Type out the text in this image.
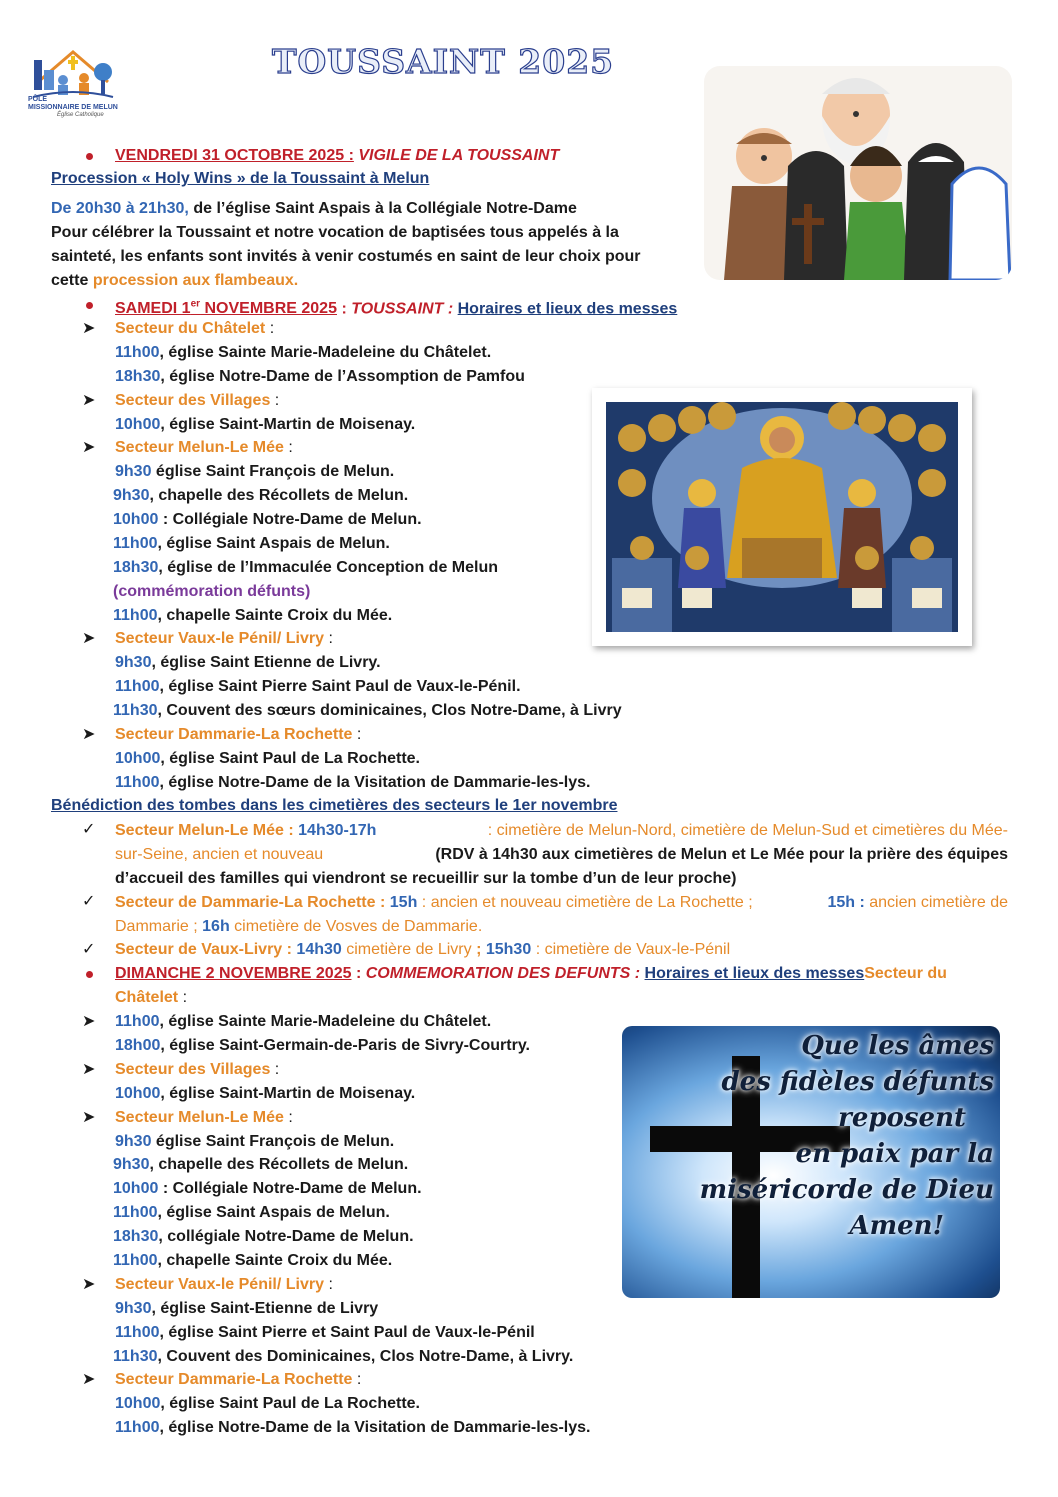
PÔLE
MISSIONNAIRE DE MELUN
Église Catholique
TOUSSAINT 2025
VENDREDI 31 OCTOBRE 2025 : VIGILE DE LA TOUSSAINT
Procession « Holy Wins » de la Toussaint à Melun
De 20h30 à 21h30, de l’église Saint Aspais à la Collégiale Notre-Dame
Pour célébrer la Toussaint et notre vocation de baptisées tous appelés à la
sainteté, les enfants sont invités à venir costumés en saint de leur choix pour
cette procession aux flambeaux.
SAMEDI 1er NOVEMBRE 2025 : TOUSSAINT : Horaires et lieux des messes
➤ Secteur du Châtelet :
11h00, église Sainte Marie-Madeleine du Châtelet.
18h30, église Notre-Dame de l’Assomption de Pamfou
➤ Secteur des Villages :
10h00, église Saint-Martin de Moisenay.
➤ Secteur Melun-Le Mée :
9h30 église Saint François de Melun.
9h30, chapelle des Récollets de Melun.
10h00 : Collégiale Notre-Dame de Melun.
11h00, église Saint Aspais de Melun.
18h30, église de l’Immaculée Conception de Melun
(commémoration défunts)
11h00, chapelle Sainte Croix du Mée.
➤ Secteur Vaux-le Pénil/ Livry :
9h30, église Saint Etienne de Livry.
11h00, église Saint Pierre Saint Paul de Vaux-le-Pénil.
11h30, Couvent des sœurs dominicaines, Clos Notre-Dame, à Livry
➤ Secteur Dammarie-La Rochette :
10h00, église Saint Paul de La Rochette.
11h00, église Notre-Dame de la Visitation de Dammarie-les-lys.
Bénédiction des tombes dans les cimetières des secteurs le 1er novembre
✓ Secteur Melun-Le Mée : 14h30-17h	: cimetière de Melun-Nord, cimetière de Melun-Sud et cimetières du Mée-
sur-Seine, ancien et nouveau	(RDV à 14h30 aux cimetières de Melun et Le Mée pour la prière des équipes
d’accueil des familles qui viendront se recueillir sur la tombe d’un de leur proche)
✓ Secteur de Dammarie-La Rochette : 15h : ancien et nouveau cimetière de La Rochette ;	15h : ancien cimetière de
Dammarie ; 16h cimetière de Vosves de Dammarie.
✓ Secteur de Vaux-Livry : 14h30 cimetière de Livry ; 15h30 : cimetière de Vaux-le-Pénil
DIMANCHE 2 NOVEMBRE 2025 : COMMEMORATION DES DEFUNTS : Horaires et lieux des messesSecteur du
Châtelet :
➤ 11h00, église Sainte Marie-Madeleine du Châtelet.
18h00, église Saint-Germain-de-Paris de Sivry-Courtry.
➤ Secteur des Villages :
10h00, église Saint-Martin de Moisenay.
➤ Secteur Melun-Le Mée :
9h30 église Saint François de Melun.
9h30, chapelle des Récollets de Melun.
10h00 : Collégiale Notre-Dame de Melun.
11h00, église Saint Aspais de Melun.
18h30, collégiale Notre-Dame de Melun.
11h00, chapelle Sainte Croix du Mée.
➤ Secteur Vaux-le Pénil/ Livry :
9h30, église Saint-Etienne de Livry
11h00, église Saint Pierre et Saint Paul de Vaux-le-Pénil
11h30, Couvent des Dominicaines, Clos Notre-Dame, à Livry.
➤ Secteur Dammarie-La Rochette :
10h00, église Saint Paul de La Rochette.
11h00, église Notre-Dame de la Visitation de Dammarie-les-lys.
Que les âmes
des fidèles défunts
reposent
en paix par la
miséricorde de Dieu
Amen!
